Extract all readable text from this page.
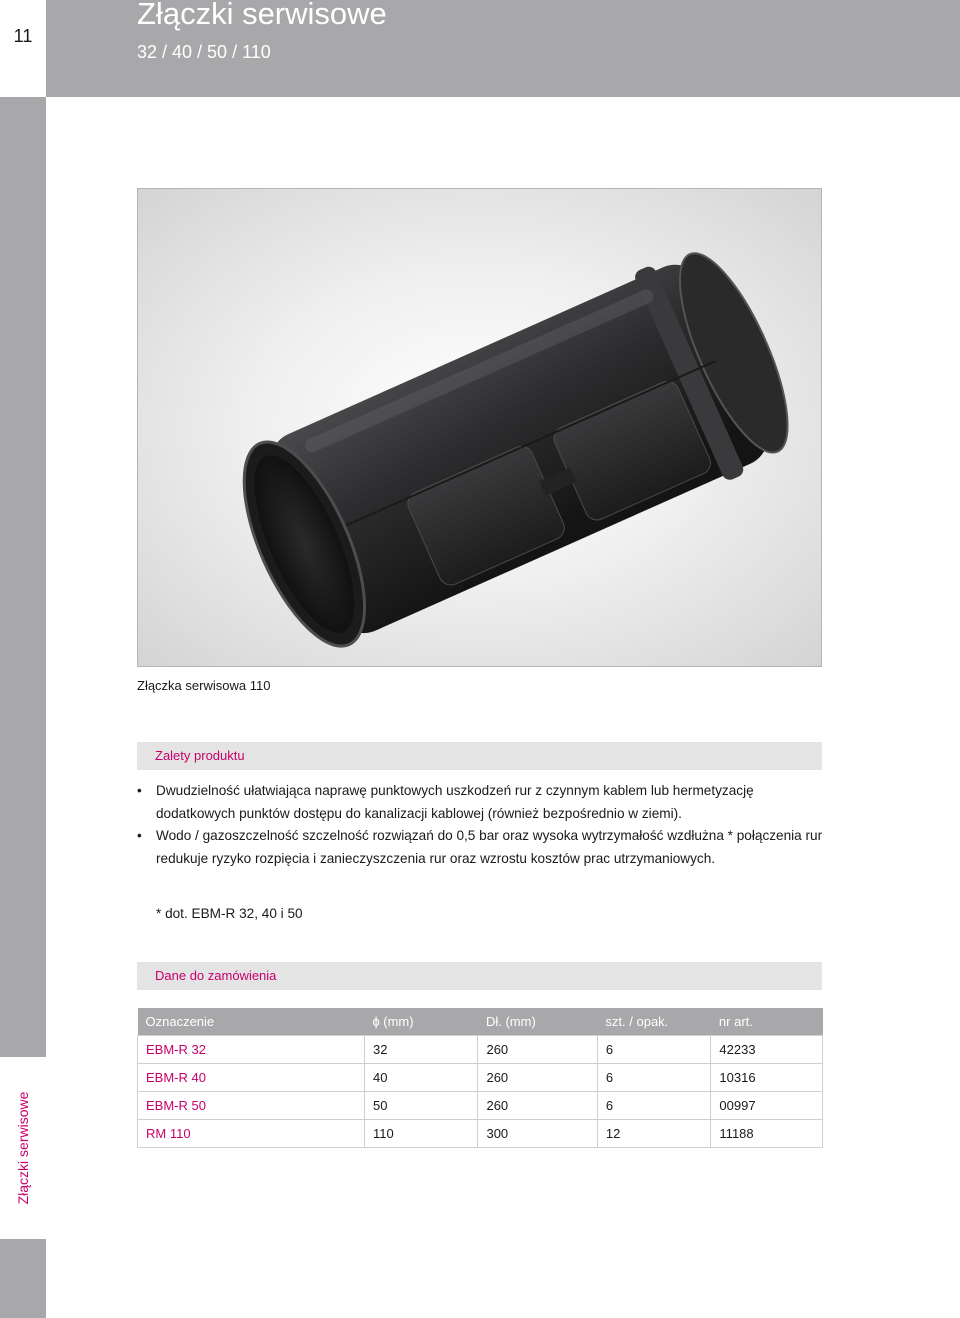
11
Złączki serwisowe
32 / 40 / 50 / 110
Złączki serwisowe
Złączka serwisowa 110
Zalety produktu
• Dwudzielność ułatwiająca naprawę punktowych uszkodzeń rur z czynnym kablem lub hermetyzację dodatkowych punktów dostępu do kanalizacji kablowej (również bezpośrednio w ziemi).
• Wodo / gazoszczelność szczelność rozwiązań do 0,5 bar oraz wysoka wytrzymałość wzdłużna * połączenia rur redukuje ryzyko rozpięcia i zanieczyszczenia rur oraz wzrostu kosztów prac utrzymaniowych.
* dot. EBM-R 32, 40 i 50
Dane do zamówienia
Oznaczenie	ɸ (mm)	Dł. (mm)	szt. / opak.	nr art.
EBM-R 32	32	260	6	42233
EBM-R 40	40	260	6	10316
EBM-R 50	50	260	6	00997
RM 110	110	300	12	11188
